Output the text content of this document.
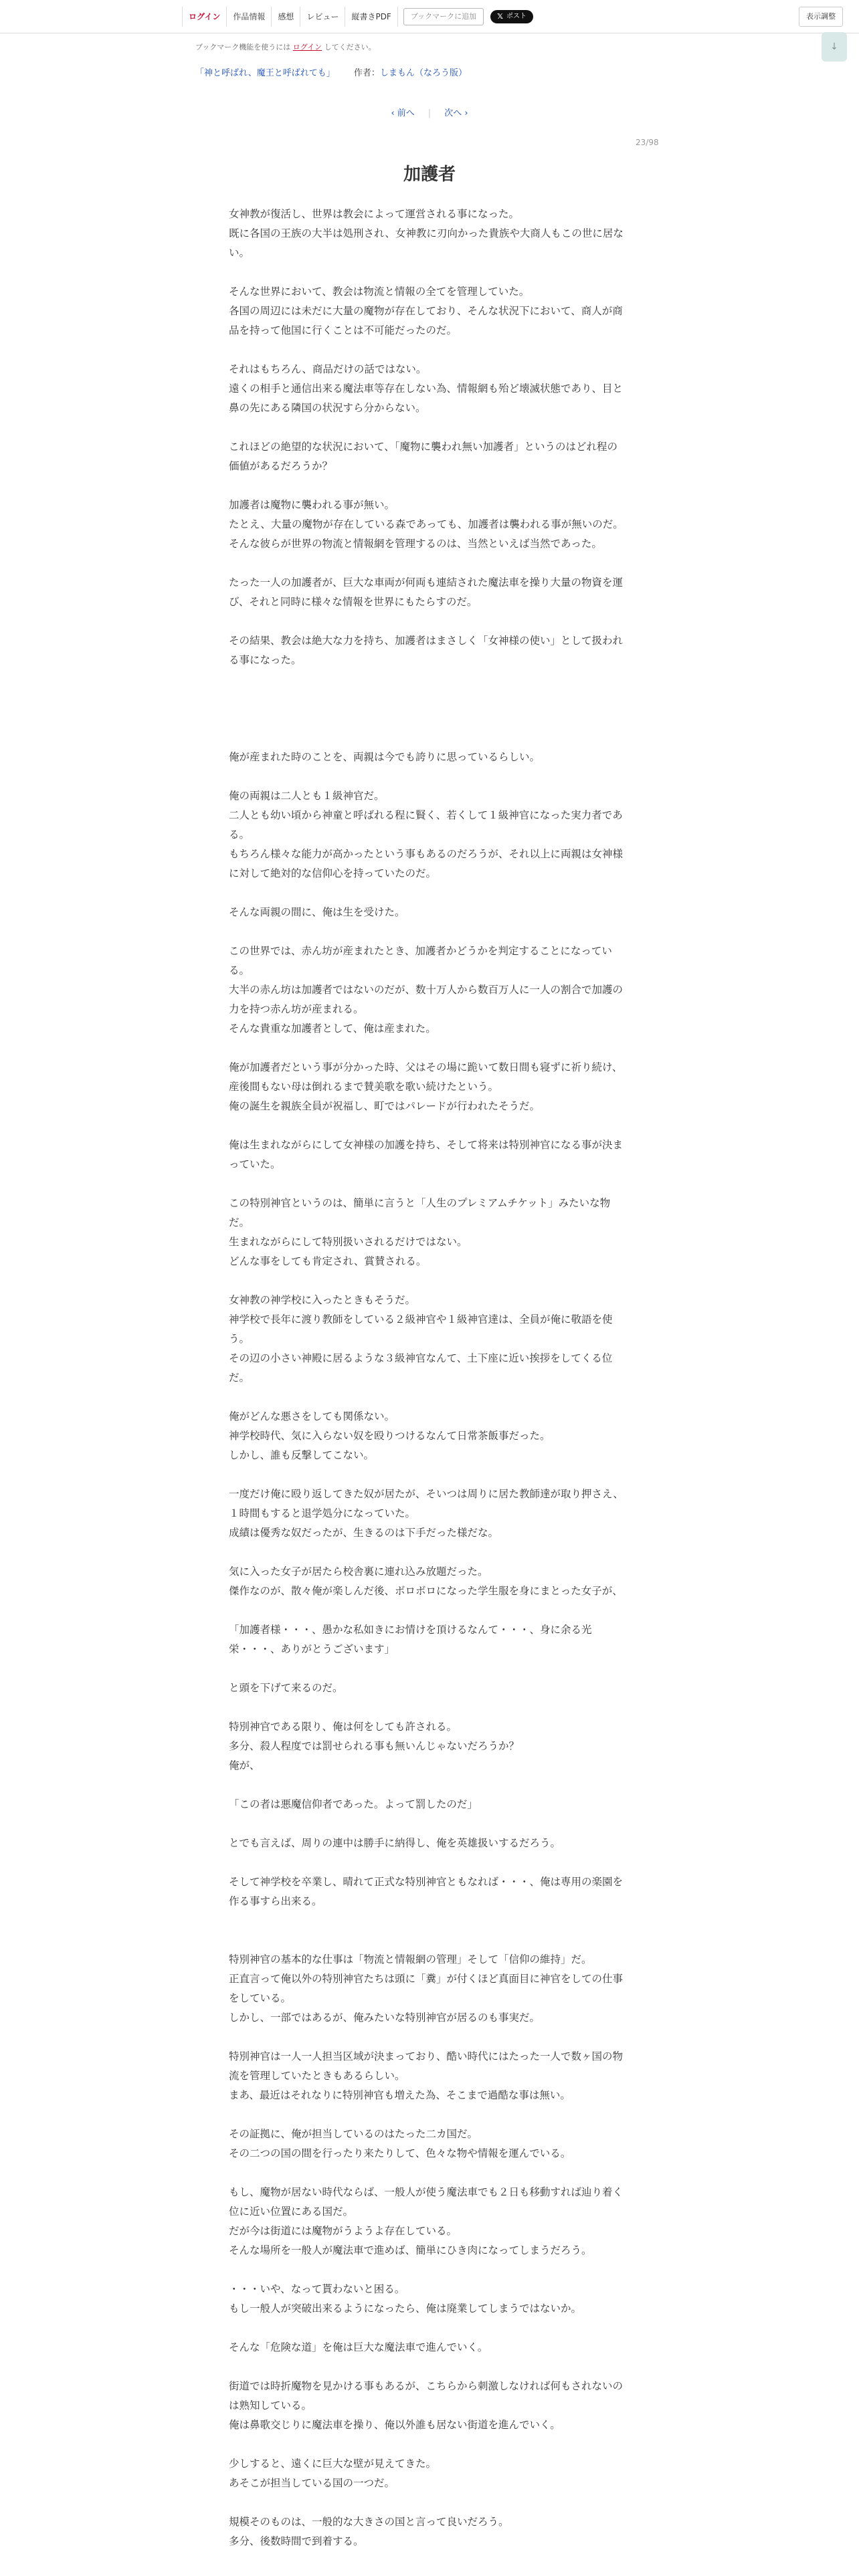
ログイン	作品情報	感想	レビュー	縦書きPDF	ブックマークに追加	𝕏 ポスト	表示調整
ブックマーク機能を使うには ログイン してください。
「神と呼ばれ、魔王と呼ばれても」 作者：しまもん（なろう版）
↓
‹ 前へ | 次へ ›
23/98
加護者

女神教が復活し、世界は教会によって運営される事になった。

既に各国の王族の大半は処刑され、女神教に刃向かった貴族や大商人もこの世に居ない。

そんな世界において、教会は物流と情報の全てを管理していた。

各国の周辺には未だに大量の魔物が存在しており、そんな状況下において、商人が商品を持って他国に行くことは不可能だったのだ。

それはもちろん、商品だけの話ではない。

遠くの相手と通信出来る魔法車等存在しない為、情報網も殆ど壊滅状態であり、目と鼻の先にある隣国の状況すら分からない。

これほどの絶望的な状況において、「魔物に襲われ無い加護者」というのはどれ程の価値があるだろうか？

加護者は魔物に襲われる事が無い。

たとえ、大量の魔物が存在している森であっても、加護者は襲われる事が無いのだ。

そんな彼らが世界の物流と情報網を管理するのは、当然といえば当然であった。

たった一人の加護者が、巨大な車両が何両も連結された魔法車を操り大量の物資を運び、それと同時に様々な情報を世界にもたらすのだ。

その結果、教会は絶大な力を持ち、加護者はまさしく「女神様の使い」として扱われる事になった。

俺が産まれた時のことを、両親は今でも誇りに思っているらしい。

俺の両親は二人とも１級神官だ。

二人とも幼い頃から神童と呼ばれる程に賢く、若くして１級神官になった実力者である。

もちろん様々な能力が高かったという事もあるのだろうが、それ以上に両親は女神様に対して絶対的な信仰心を持っていたのだ。

そんな両親の間に、俺は生を受けた。

この世界では、赤ん坊が産まれたとき、加護者かどうかを判定することになっている。

大半の赤ん坊は加護者ではないのだが、数十万人から数百万人に一人の割合で加護の力を持つ赤ん坊が産まれる。

そんな貴重な加護者として、俺は産まれた。

俺が加護者だという事が分かった時、父はその場に跪いて数日間も寝ずに祈り続け、産後間もない母は倒れるまで賛美歌を歌い続けたという。

俺の誕生を親族全員が祝福し、町ではパレードが行われたそうだ。

俺は生まれながらにして女神様の加護を持ち、そして将来は特別神官になる事が決まっていた。

この特別神官というのは、簡単に言うと「人生のプレミアムチケット」みたいな物だ。

生まれながらにして特別扱いされるだけではない。

どんな事をしても肯定され、賞賛される。

女神教の神学校に入ったときもそうだ。

神学校で長年に渡り教師をしている２級神官や１級神官達は、全員が俺に敬語を使う。

その辺の小さい神殿に居るような３級神官なんて、土下座に近い挨拶をしてくる位だ。

俺がどんな悪さをしても関係ない。

神学校時代、気に入らない奴を殴りつけるなんて日常茶飯事だった。

しかし、誰も反撃してこない。

一度だけ俺に殴り返してきた奴が居たが、そいつは周りに居た教師達が取り押さえ、１時間もすると退学処分になっていた。

成績は優秀な奴だったが、生きるのは下手だった様だな。

気に入った女子が居たら校舎裏に連れ込み放題だった。

傑作なのが、散々俺が楽しんだ後、ボロボロになった学生服を身にまとった女子が、

「加護者様・・・、愚かな私如きにお情けを頂けるなんて・・・、身に余る光栄・・・、ありがとうございます」

と頭を下げて来るのだ。

特別神官である限り、俺は何をしても許される。

多分、殺人程度では罰せられる事も無いんじゃないだろうか？

俺が、

「この者は悪魔信仰者であった。よって罰したのだ」

とでも言えば、周りの連中は勝手に納得し、俺を英雄扱いするだろう。

そして神学校を卒業し、晴れて正式な特別神官ともなれば・・・、俺は専用の楽園を作る事すら出来る。

特別神官の基本的な仕事は「物流と情報網の管理」そして「信仰の維持」だ。

正直言って俺以外の特別神官たちは頭に「糞」が付くほど真面目に神官をしての仕事をしている。

しかし、一部ではあるが、俺みたいな特別神官が居るのも事実だ。

特別神官は一人一人担当区域が決まっており、酷い時代にはたった一人で数ヶ国の物流を管理していたときもあるらしい。

まあ、最近はそれなりに特別神官も増えた為、そこまで過酷な事は無い。

その証拠に、俺が担当しているのはたった二カ国だ。

その二つの国の間を行ったり来たりして、色々な物や情報を運んでいる。

もし、魔物が居ない時代ならば、一般人が使う魔法車でも２日も移動すれば辿り着く位に近い位置にある国だ。

だが今は街道には魔物がうようよ存在している。

そんな場所を一般人が魔法車で進めば、簡単にひき肉になってしまうだろう。

・・・いや、なって貰わないと困る。

もし一般人が突破出来るようになったら、俺は廃業してしまうではないか。

そんな「危険な道」を俺は巨大な魔法車で進んでいく。

街道では時折魔物を見かける事もあるが、こちらから刺激しなければ何もされないのは熟知している。

俺は鼻歌交じりに魔法車を操り、俺以外誰も居ない街道を進んでいく。

少しすると、遠くに巨大な壁が見えてきた。

あそこが担当している国の一つだ。

規模そのものは、一般的な大きさの国と言って良いだろう。

多分、後数時間で到着する。
